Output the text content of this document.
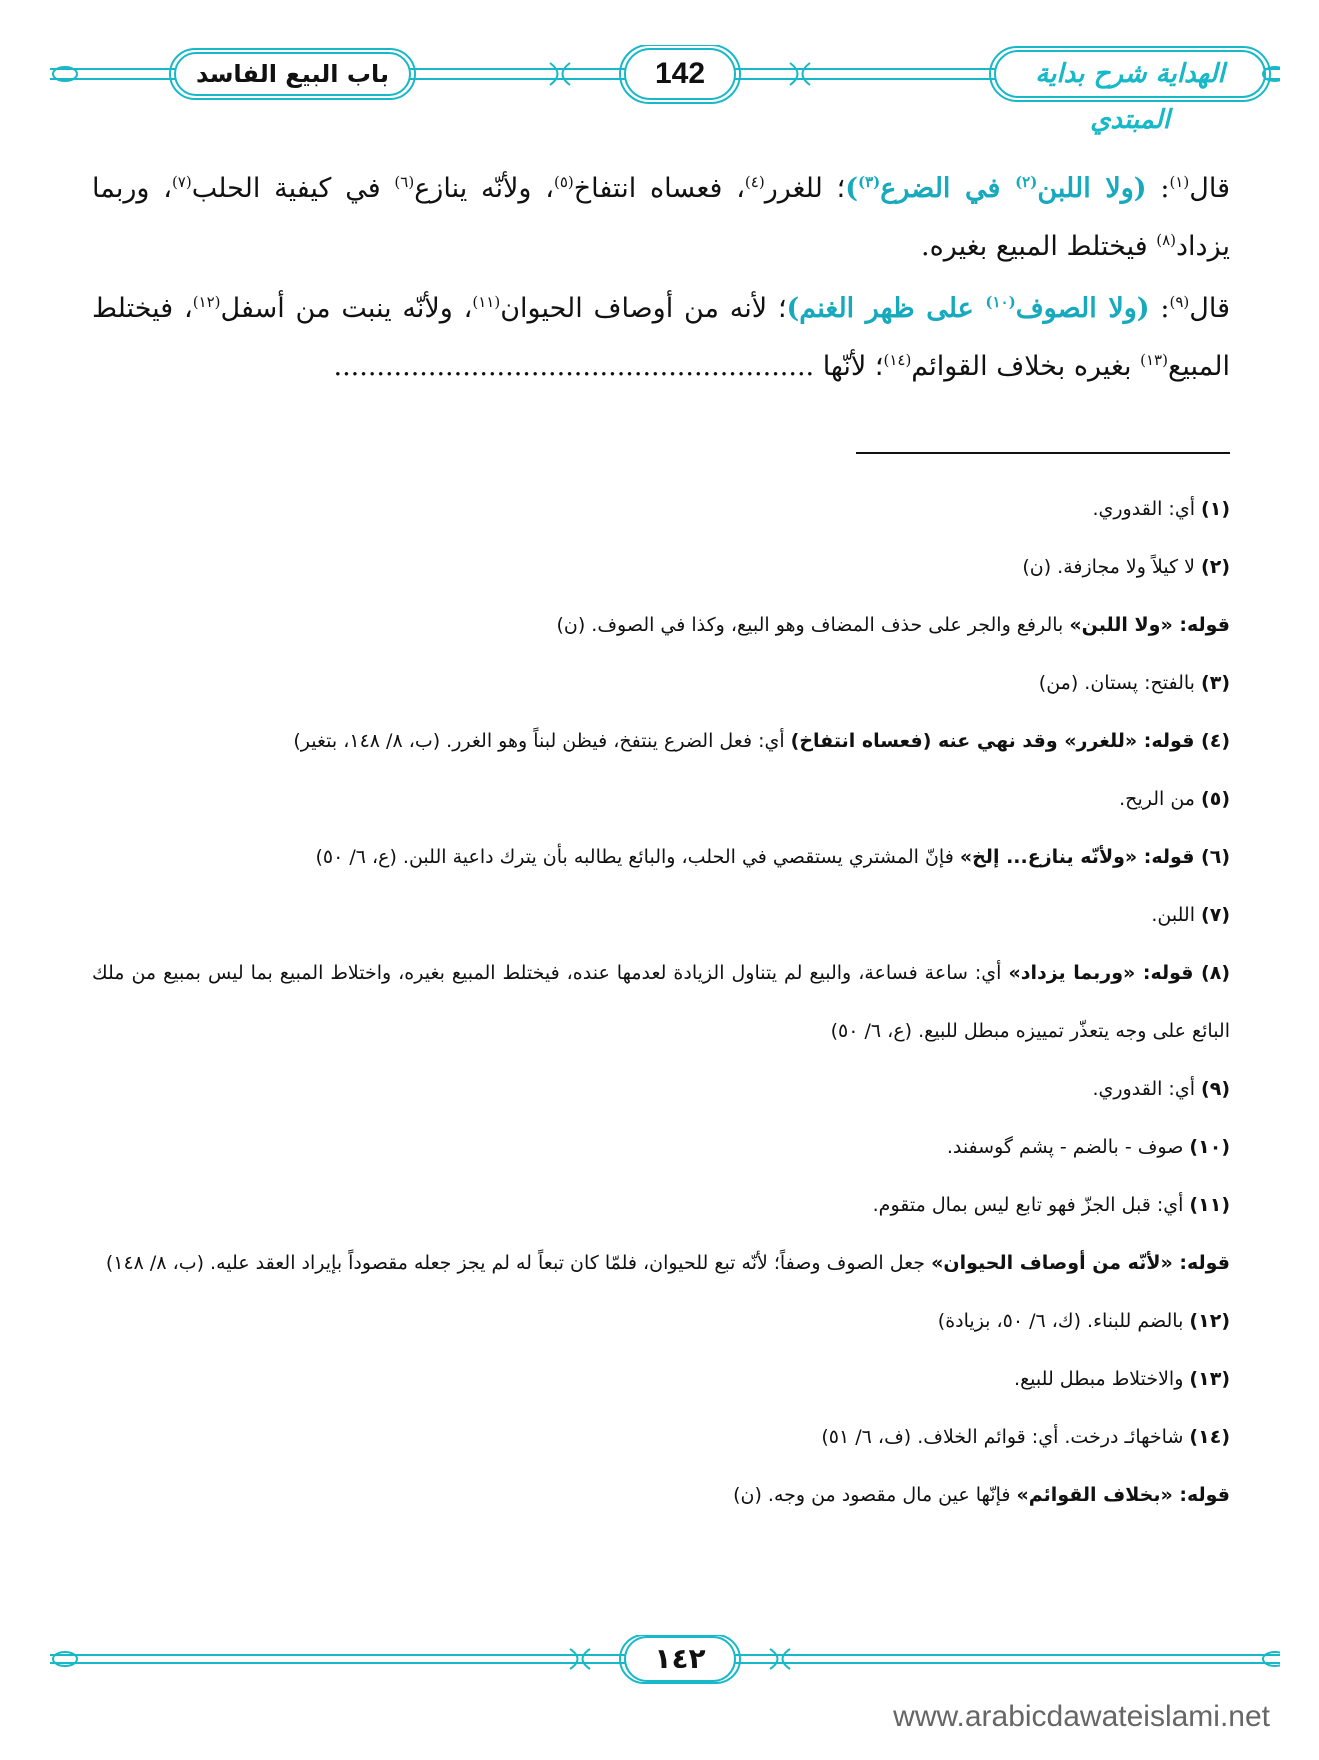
باب البيع الفاسد	142	الهداية شرح بداية المبتدي

قال$^{(١)}$: (ولا اللبن$^{(٢)}$ في الضرع$^{(٣)}$)؛ للغرر$^{(٤)}$، فعساه انتفاخ$^{(٥)}$، ولأنّه ينازع$^{(٦)}$ في كيفية الحلب$^{(٧)}$، وربما يزداد$^{(٨)}$ فيختلط المبيع بغيره.

قال$^{(٩)}$: (ولا الصوف$^{(١٠)}$ على ظهر الغنم)؛ لأنه من أوصاف الحيوان$^{(١١)}$، ولأنّه ينبت من أسفل$^{(١٢)}$، فيختلط المبيع$^{(١٣)}$ بغيره بخلاف القوائم$^{(١٤)}$؛ لأنّها ........................................................

(١) أي: القدوري.

(٢) لا كيلاً ولا مجازفة. (ن)

قوله: «ولا اللبن» بالرفع والجر على حذف المضاف وهو البيع، وكذا في الصوف. (ن)

(٣) بالفتح: پستان. (من)

(٤) قوله: «للغرر» وقد نهي عنه (فعساه انتفاخ) أي: فعل الضرع ينتفخ، فيظن لبناً وهو الغرر. (ب، ٨/ ١٤٨، بتغير)

(٥) من الريح.

(٦) قوله: «ولأنّه ينازع... إلخ» فإنّ المشتري يستقصي في الحلب، والبائع يطالبه بأن يترك داعية اللبن. (ع، ٦/ ٥٠)

(٧) اللبن.

(٨) قوله: «وربما يزداد» أي: ساعة فساعة، والبيع لم يتناول الزيادة لعدمها عنده، فيختلط المبيع بغيره، واختلاط المبيع بما ليس بمبيع من ملك البائع على وجه يتعذّر تمييزه مبطل للبيع. (ع، ٦/ ٥٠)

(٩) أي: القدوري.

(١٠) صوف - بالضم - پشم گوسفند.

(١١) أي: قبل الجزّ فهو تابع ليس بمال متقوم.

قوله: «لأنّه من أوصاف الحيوان» جعل الصوف وصفاً؛ لأنّه تبع للحيوان، فلمّا كان تبعاً له لم يجز جعله مقصوداً بإيراد العقد عليه. (ب، ٨/ ١٤٨)

(١٢) بالضم للبناء. (ك، ٦/ ٥٠، بزيادة)

(١٣) والاختلاط مبطل للبيع.

(١٤) شاخهائـ درخت. أي: قوائم الخلاف. (ف، ٦/ ٥١)

قوله: «بخلاف القوائم» فإنّها عين مال مقصود من وجه. (ن)

١٤٢
www.arabicdawateislami.net
